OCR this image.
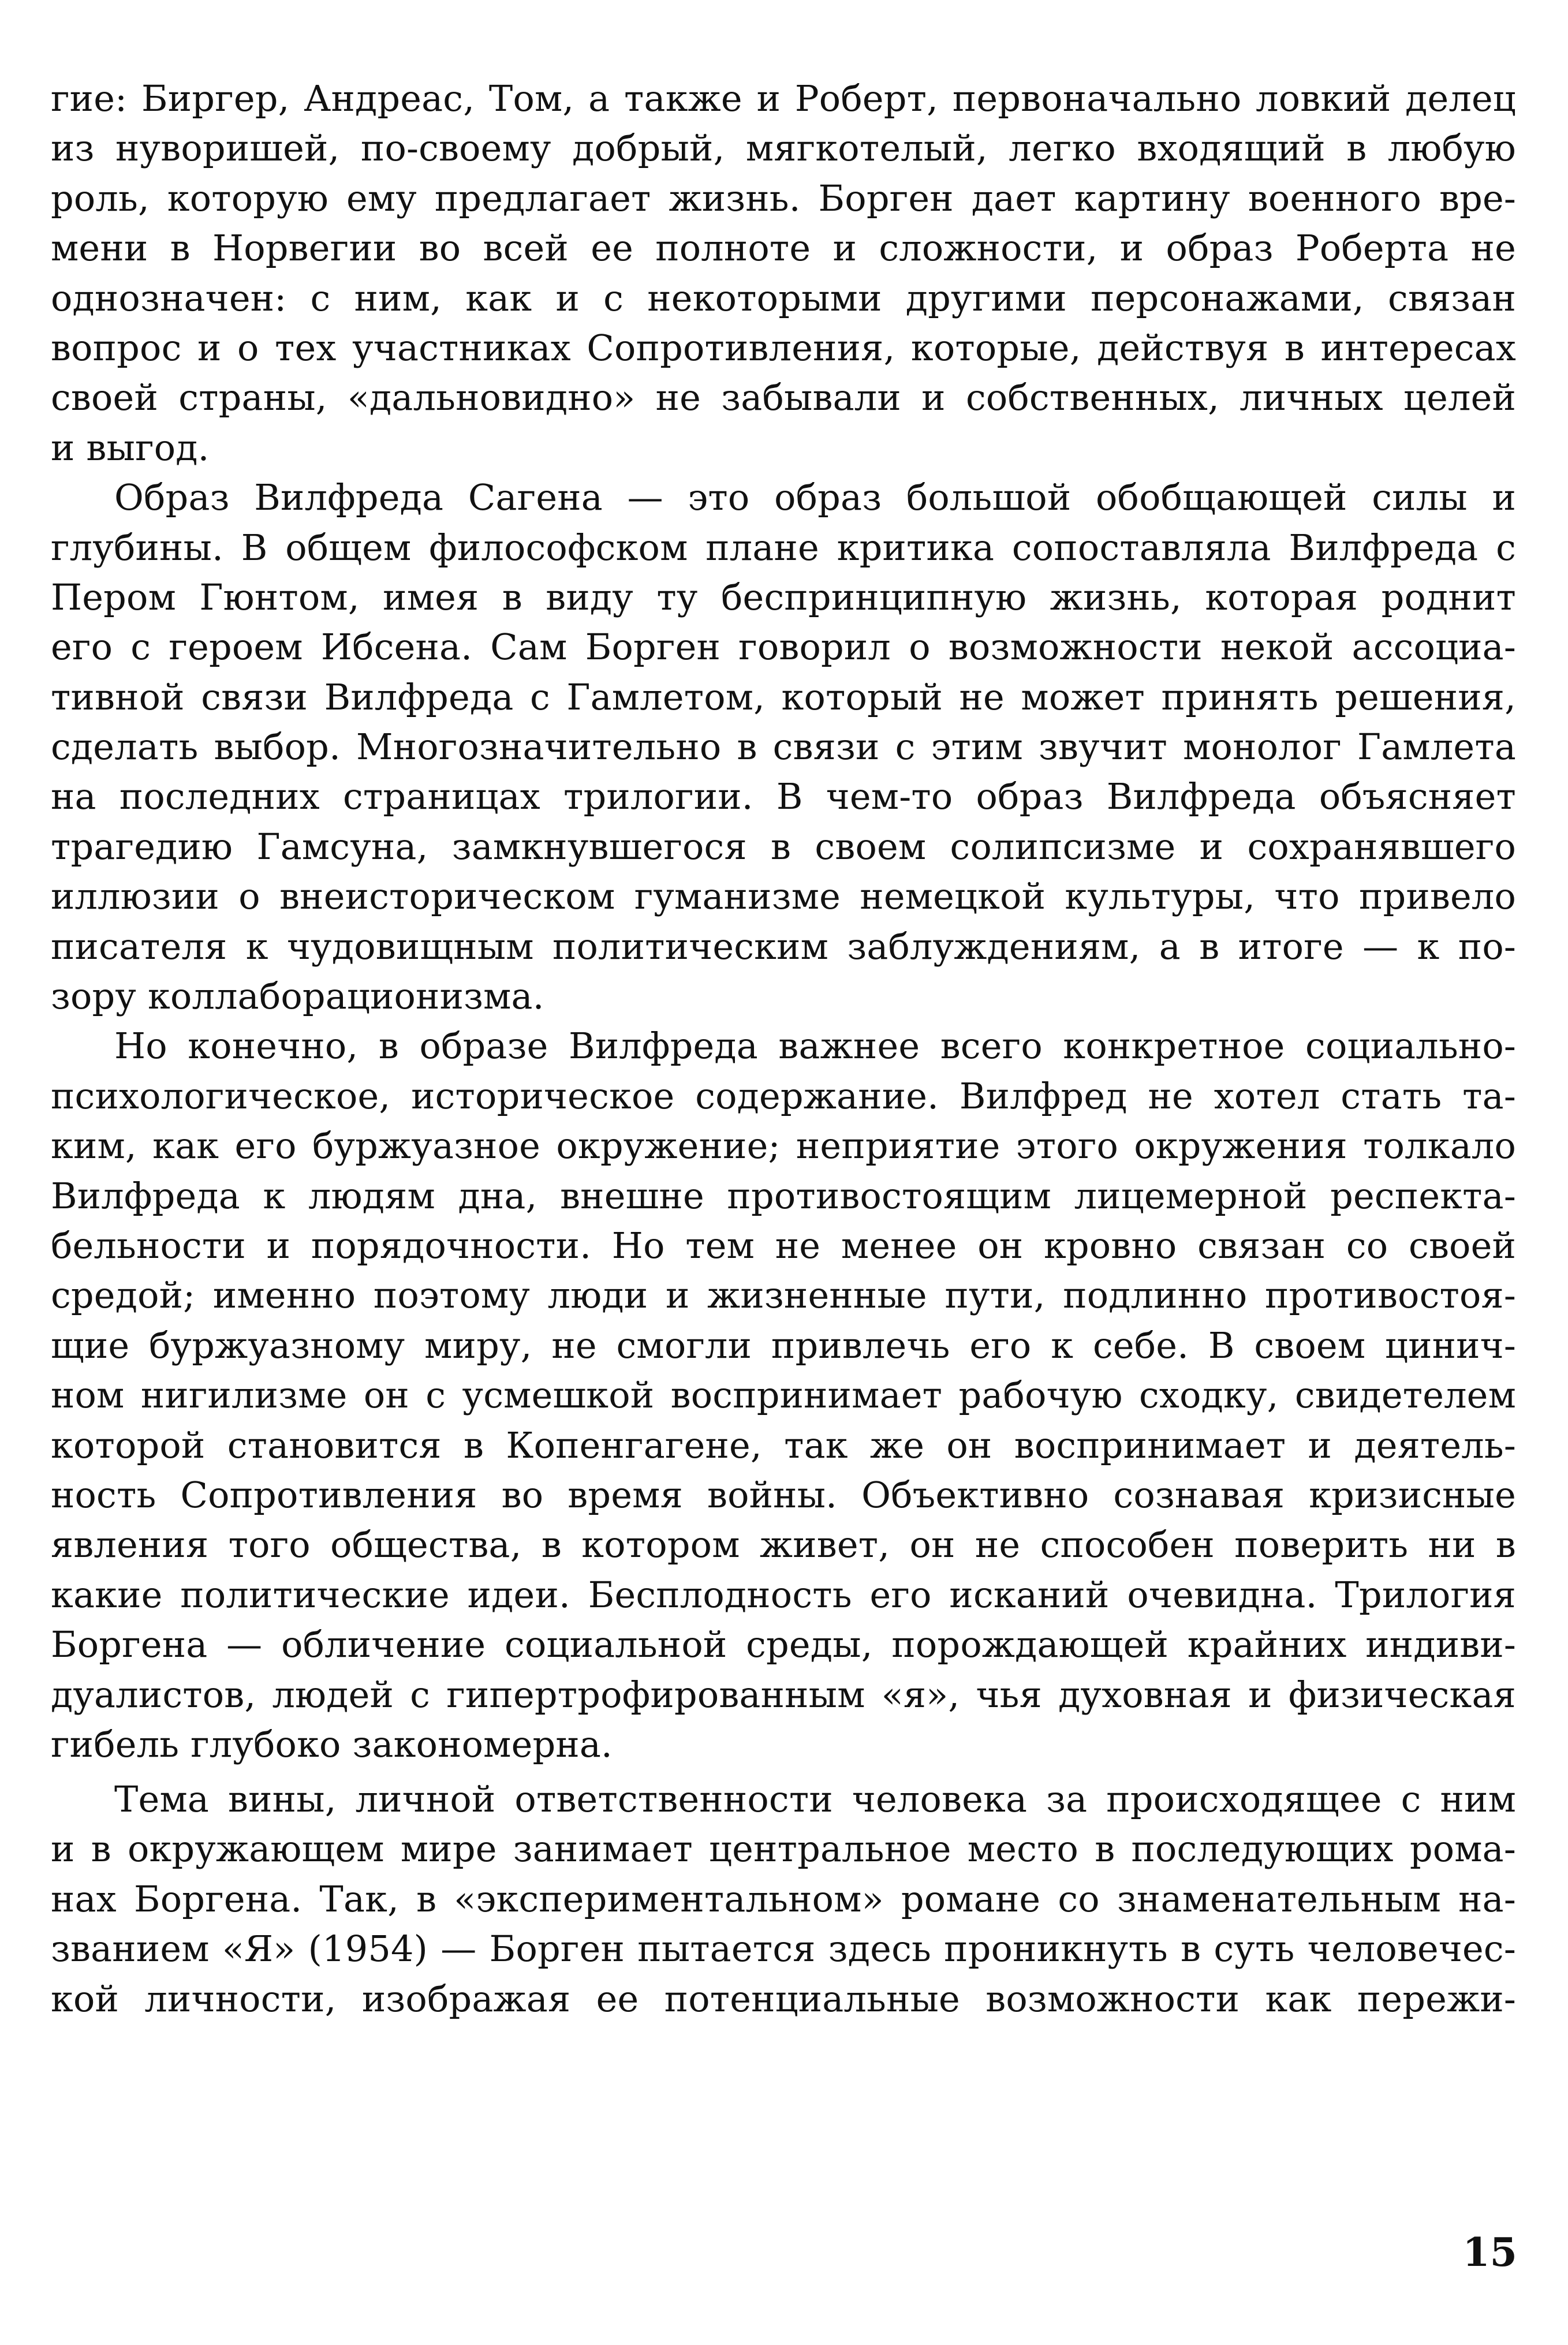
гие: Биргер, Андреас, Том, а также и Роберт, первоначально ловкий делец
из нуворишей, по-своему добрый, мягкотелый, легко входящий в любую
роль, которую ему предлагает жизнь. Борген дает картину военного вре-
мени в Норвегии во всей ее полноте и сложности, и образ Роберта не
однозначен: с ним, как и с некоторыми другими персонажами, связан
вопрос и о тех участниках Сопротивления, которые, действуя в интересах
своей страны, «дальновидно» не забывали и собственных, личных целей
и выгод.
Образ Вилфреда Сагена — это образ большой обобщающей силы и
глубины. В общем философском плане критика сопоставляла Вилфреда с
Пером Гюнтом, имея в виду ту беспринципную жизнь, которая роднит
его с героем Ибсена. Сам Борген говорил о возможности некой ассоциа-
тивной связи Вилфреда с Гамлетом, который не может принять решения,
сделать выбор. Многозначительно в связи с этим звучит монолог Гамлета
на последних страницах трилогии. В чем-то образ Вилфреда объясняет
трагедию Гамсуна, замкнувшегося в своем солипсизме и сохранявшего
иллюзии о внеисторическом гуманизме немецкой культуры, что привело
писателя к чудовищным политическим заблуждениям, а в итоге — к по-
зору коллаборационизма.
Но конечно, в образе Вилфреда важнее всего конкретное социально-
психологическое, историческое содержание. Вилфред не хотел стать та-
ким, как его буржуазное окружение; неприятие этого окружения толкало
Вилфреда к людям дна, внешне противостоящим лицемерной респекта-
бельности и порядочности. Но тем не менее он кровно связан со своей
средой; именно поэтому люди и жизненные пути, подлинно противостоя-
щие буржуазному миру, не смогли привлечь его к себе. В своем цинич-
ном нигилизме он с усмешкой воспринимает рабочую сходку, свидетелем
которой становится в Копенгагене, так же он воспринимает и деятель-
ность Сопротивления во время войны. Объективно сознавая кризисные
явления того общества, в котором живет, он не способен поверить ни в
какие политические идеи. Бесплодность его исканий очевидна. Трилогия
Боргена — обличение социальной среды, порождающей крайних индиви-
дуалистов, людей с гипертрофированным «я», чья духовная и физическая
гибель глубоко закономерна.
Тема вины, личной ответственности человека за происходящее с ним
и в окружающем мире занимает центральное место в последующих рома-
нах Боргена. Так, в «экспериментальном» романе со знаменательным на-
званием «Я» (1954) — Борген пытается здесь проникнуть в суть человечес-
кой личности, изображая ее потенциальные возможности как пережи-
15
